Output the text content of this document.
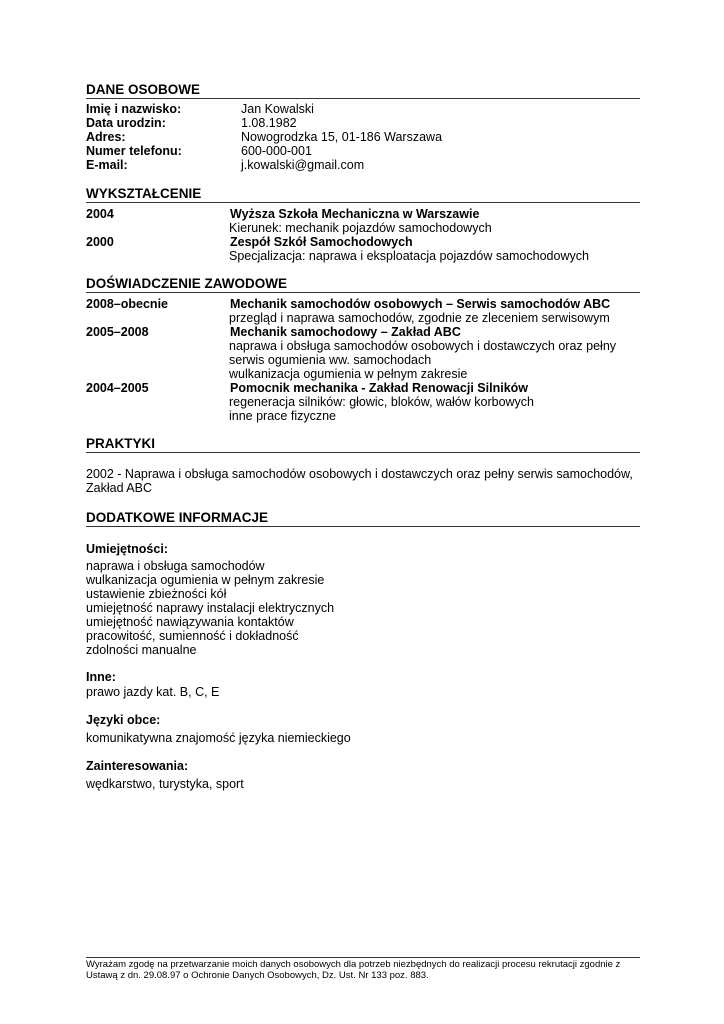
DANE OSOBOWE
Imię i nazwisko:	Jan Kowalski
Data urodzin:	1.08.1982
Adres:	Nowogrodzka 15, 01-186 Warszawa
Numer telefonu:	600-000-001
E-mail:	j.kowalski@gmail.com
WYKSZTAŁCENIE
2004	Wyższa Szkoła Mechaniczna w Warszawie
Kierunek: mechanik pojazdów samochodowych
2000	Zespół Szkół Samochodowych
Specjalizacja: naprawa i eksploatacja pojazdów samochodowych
DOŚWIADCZENIE ZAWODOWE
2008–obecnie	Mechanik samochodów osobowych – Serwis samochodów ABC
przegląd i naprawa samochodów, zgodnie ze zleceniem serwisowym
2005–2008	Mechanik samochodowy – Zakład ABC
naprawa i obsługa samochodów osobowych i dostawczych oraz pełny
serwis ogumienia ww. samochodach
wulkanizacja ogumienia w pełnym zakresie
2004–2005	Pomocnik mechanika - Zakład Renowacji Silników
regeneracja silników: głowic, bloków, wałów korbowych
inne prace fizyczne
PRAKTYKI
2002 - Naprawa i obsługa samochodów osobowych i dostawczych oraz pełny serwis samochodów, Zakład ABC
DODATKOWE INFORMACJE
Umiejętności:
naprawa i obsługa samochodów
wulkanizacja ogumienia w pełnym zakresie
ustawienie zbieżności kół
umiejętność naprawy instalacji elektrycznych
umiejętność nawiązywania kontaktów
pracowitość, sumienność i dokładność
zdolności manualne
Inne:
prawo jazdy kat. B, C, E
Języki obce:
komunikatywna znajomość języka niemieckiego
Zainteresowania:
wędkarstwo, turystyka, sport
Wyrażam zgodę na przetwarzanie moich danych osobowych dla potrzeb niezbędnych do realizacji procesu rekrutacji zgodnie z Ustawą z dn. 29.08.97 o Ochronie Danych Osobowych, Dz. Ust. Nr 133 poz. 883.
